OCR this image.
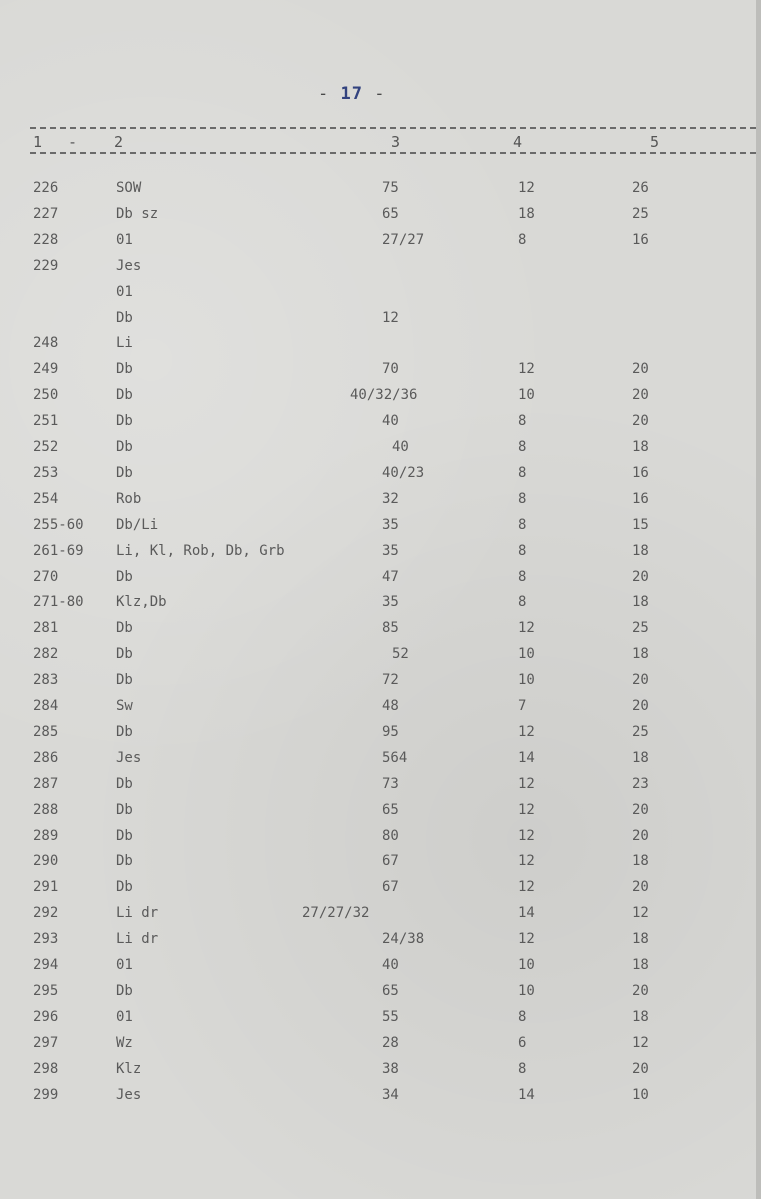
- 17 -
1 - 2	3	4	5
226	SOW	75	12	26
227	Db sz	65	18	25
228	01	27/27	8	16
229	Jes
01
Db	12
248	Li
249	Db	70	12	20
250	Db	40/32/36	10	20
251	Db	40	8	20
252	Db	40	8	18
253	Db	40/23	8	16
254	Rob	32	8	16
255-60 Db/Li	35	8	15
261-69 Li, Kl, Rob, Db, Grb	35	8	18
270	Db	47	8	20
271-80 Klz,Db	35	8	18
281	Db	85	12	25
282	Db	52	10	18
283	Db	72	10	20
284	Sw	48	7	20
285	Db	95	12	25
286	Jes	564	14	18
287	Db	73	12	23
288	Db	65	12	20
289	Db	80	12	20
290	Db	67	12	18
291	Db	67	12	20
292	Li dr	27/27/32	14	12
293	Li dr	24/38	12	18
294	01	40	10	18
295	Db	65	10	20
296	01	55	8	18
297	Wz	28	6	12
298	Klz	38	8	20
299	Jes	34	14	10
